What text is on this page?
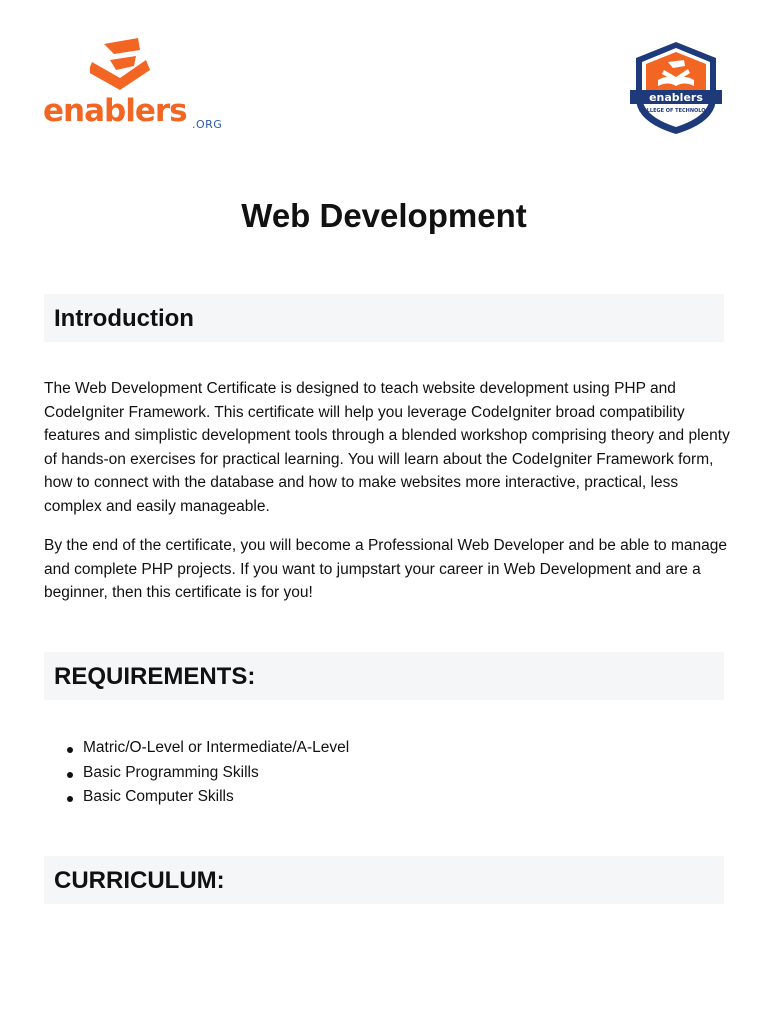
enablers .ORG
enablers
COLLEGE OF TECHNOLOGY
Web Development
Introduction

The Web Development Certificate is designed to teach website development using PHP and CodeIgniter Framework. This certificate will help you leverage CodeIgniter broad compatibility features and simplistic development tools through a blended workshop comprising theory and plenty of hands-on exercises for practical learning. You will learn about the CodeIgniter Framework form, how to connect with the database and how to make websites more interactive, practical, less complex and easily manageable.

By the end of the certificate, you will become a Professional Web Developer and be able to manage and complete PHP projects. If you want to jumpstart your career in Web Development and are a beginner, then this certificate is for you!

REQUIREMENTS:
Matric/O-Level or Intermediate/A-Level
Basic Programming Skills
Basic Computer Skills
CURRICULUM:
